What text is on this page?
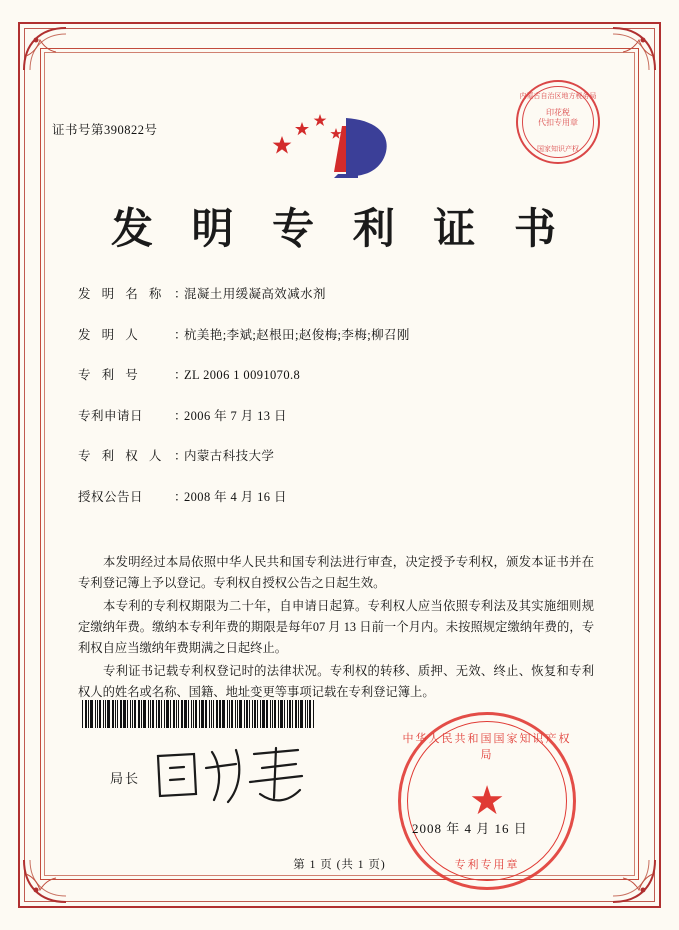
证书号第390822号
内蒙古自治区地方税务局
印花税
代扣专用章
国家知识产权
发 明 专 利 证 书
发 明 名 称 ：
混凝土用缓凝高效减水剂
发 明 人	：
杭美艳;李斌;赵根田;赵俊梅;李梅;柳召刚
专 利 号	：
ZL 2006 1 0091070.8
专利申请日	：
2006 年 7 月 13 日
专 利 权 人 ：
内蒙古科技大学
授权公告日	：
2008 年 4 月 16 日

本发明经过本局依照中华人民共和国专利法进行审查，决定授予专利权，颁发本证书并在专利登记簿上予以登记。专利权自授权公告之日起生效。

本专利的专利权期限为二十年，自申请日起算。专利权人应当依照专利法及其实施细则规定缴纳年费。缴纳本专利年费的期限是每年07 月 13 日前一个月内。未按照规定缴纳年费的，专利权自应当缴纳年费期满之日起终止。

专利证书记载专利权登记时的法律状况。专利权的转移、质押、无效、终止、恢复和专利权人的姓名或名称、国籍、地址变更等事项记载在专利登记簿上。

局长
中华人民共和国国家知识产权局
★
专利专用章
2008 年 4 月 16 日
第 1 页 (共 1 页)
